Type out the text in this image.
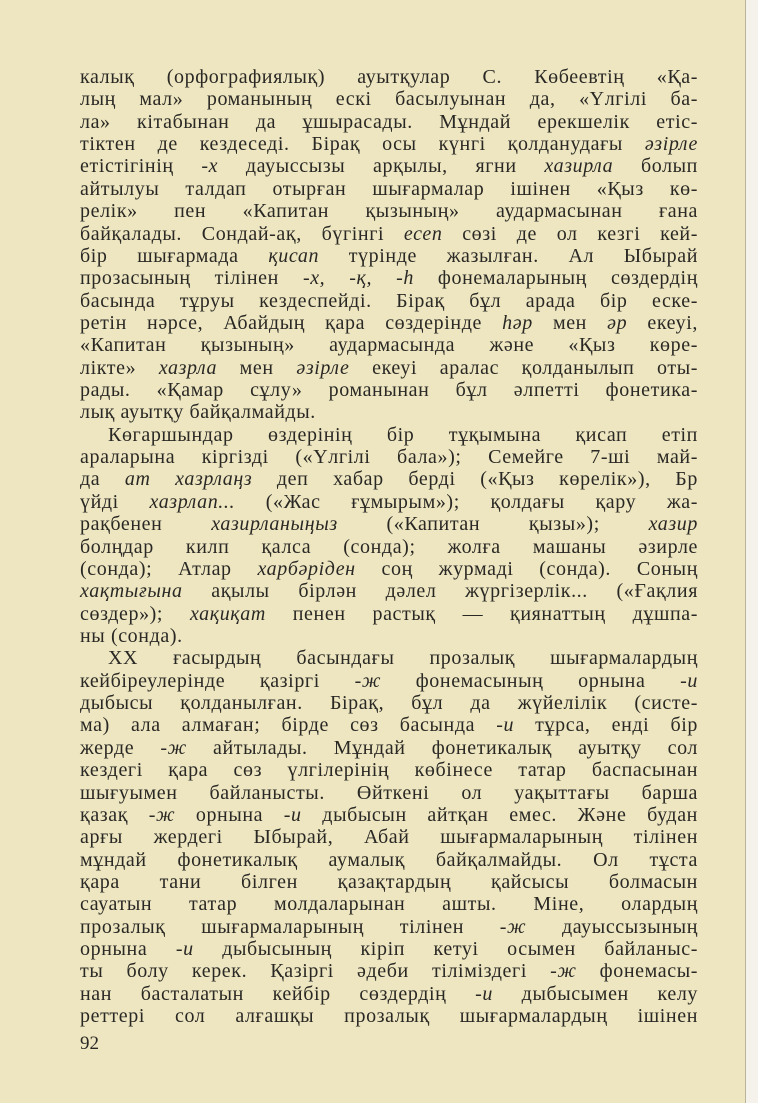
калық (орфографиялық) ауытқулар С. Көбеевтің «Қа-
лың мал» романының ескі басылуынан да, «Үлгілі ба-
ла» кітабынан да ұшырасады. Мұндай ерекшелік етіс-
тіктен де кездеседі. Бірақ осы күнгі қолданудағы әзірле
етістігінің -х дауыссызы арқылы, ягни хазирла болып
айтылуы талдап отырған шығармалар ішінен «Қыз кө-
релік» пен «Капитан қызының» аудармасынан ғана
байқалады. Сондай-ақ, бүгінгі есеп сөзі де ол кезгі кей-
бір шығармада қисап түрінде жазылған. Ал Ыбырай
прозасының тілінен -х, -қ, -һ фонемаларының сөздердің
басында тұруы кездеспейді. Бірақ бұл арада бір еске-
ретін нәрсе, Абайдың қара сөздерінде һәр мен әр екеуі,
«Капитан қызының» аудармасында және «Қыз көре-
лікте» хазрла мен әзірле екеуі аралас қолданылып оты-
рады. «Қамар сұлу» романынан бұл әлпетті фонетика-
лық ауытқу байқалмайды.
Көгаршындар өздерінің бір тұқымына қисап етіп
араларына кіргізді («Үлгілі бала»); Семейге 7-ші май-
да ат хазрлаңз деп хабар берді («Қыз көрелік»), Бр
үйді хазрлап... («Жас ғұмырым»); қолдағы қару жа-
рақбенен хазирланыңыз («Капитан қызы»); хазир
болңдар килп қалса (сонда); жолға машаны әзирле
(сонда); Атлар харбәріден соң журмаді (сонда). Соның
хақтығына ақылы бірлән дәлел жүргізерлік... («Ғақлия
сөздер»); хақиқат пенен растық — қиянаттың дұшпа-
ны (сонда).
XX ғасырдың басындағы прозалық шығармалардың
кейбіреулерінде қазіргі -ж фонемасының орнына -и
дыбысы қолданылған. Бірақ, бұл да жүйелілік (систе-
ма) ала алмаған; бірде сөз басында -и тұрса, енді бір
жерде -ж айтылады. Мұндай фонетикалық ауытқу сол
кездегі қара сөз үлгілерінің көбінесе татар баспасынан
шығуымен байланысты. Өйткені ол уақыттағы барша
қазақ -ж орнына -и дыбысын айтқан емес. Және будан
арғы жердегі Ыбырай, Абай шығармаларының тілінен
мұндай фонетикалық аумалық байқалмайды. Ол тұста
қара тани білген қазақтардың қайсысы болмасын
сауатын татар молдаларынан ашты. Міне, олардың
прозалық шығармаларының тілінен -ж дауыссызының
орнына -и дыбысының кіріп кетуі осымен байланыс-
ты болу керек. Қазіргі әдеби тіліміздегі -ж фонемасы-
нан басталатын кейбір сөздердің -и дыбысымен келу
реттері сол алғашқы прозалық шығармалардың ішінен
92
